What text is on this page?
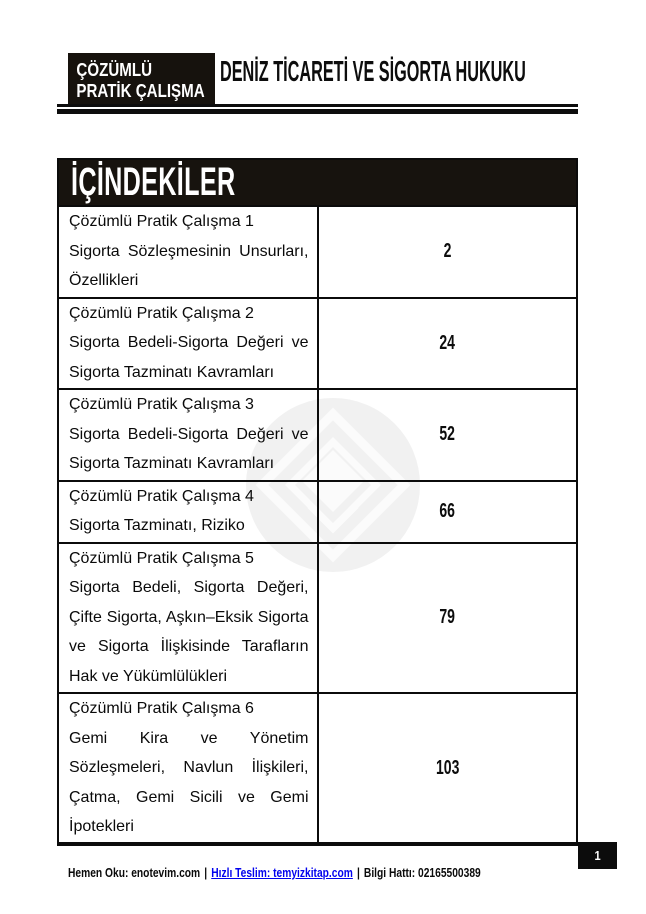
ÇÖZÜMLÜ
PRATİK ÇALIŞMA
DENİZ TİCARETİ VE SİGORTA HUKUKU
İÇİNDEKİLER	

Çözümlü Pratik Çalışma 1
Sigorta Sözleşmesinin Unsurları, Özellikleri	2

Çözümlü Pratik Çalışma 2
Sigorta Bedeli-Sigorta Değeri ve Sigorta Tazminatı Kavramları	24

Çözümlü Pratik Çalışma 3
Sigorta Bedeli-Sigorta Değeri ve Sigorta Tazminatı Kavramları	52

Çözümlü Pratik Çalışma 4
Sigorta Tazminatı, Riziko	66

Çözümlü Pratik Çalışma 5
Sigorta Bedeli, Sigorta Değeri, Çifte Sigorta, Aşkın–Eksik Sigorta ve Sigorta İlişkisinde Tarafların Hak ve Yükümlülükleri	79

Çözümlü Pratik Çalışma 6
Gemi Kira ve Yönetim Sözleşmeleri, Navlun İlişkileri, Çatma, Gemi Sicili ve Gemi İpotekleri	103
1
Hemen Oku: enotevim.com | Hızlı Teslim: temyizkitap.com | Bilgi Hattı: 02165500389
